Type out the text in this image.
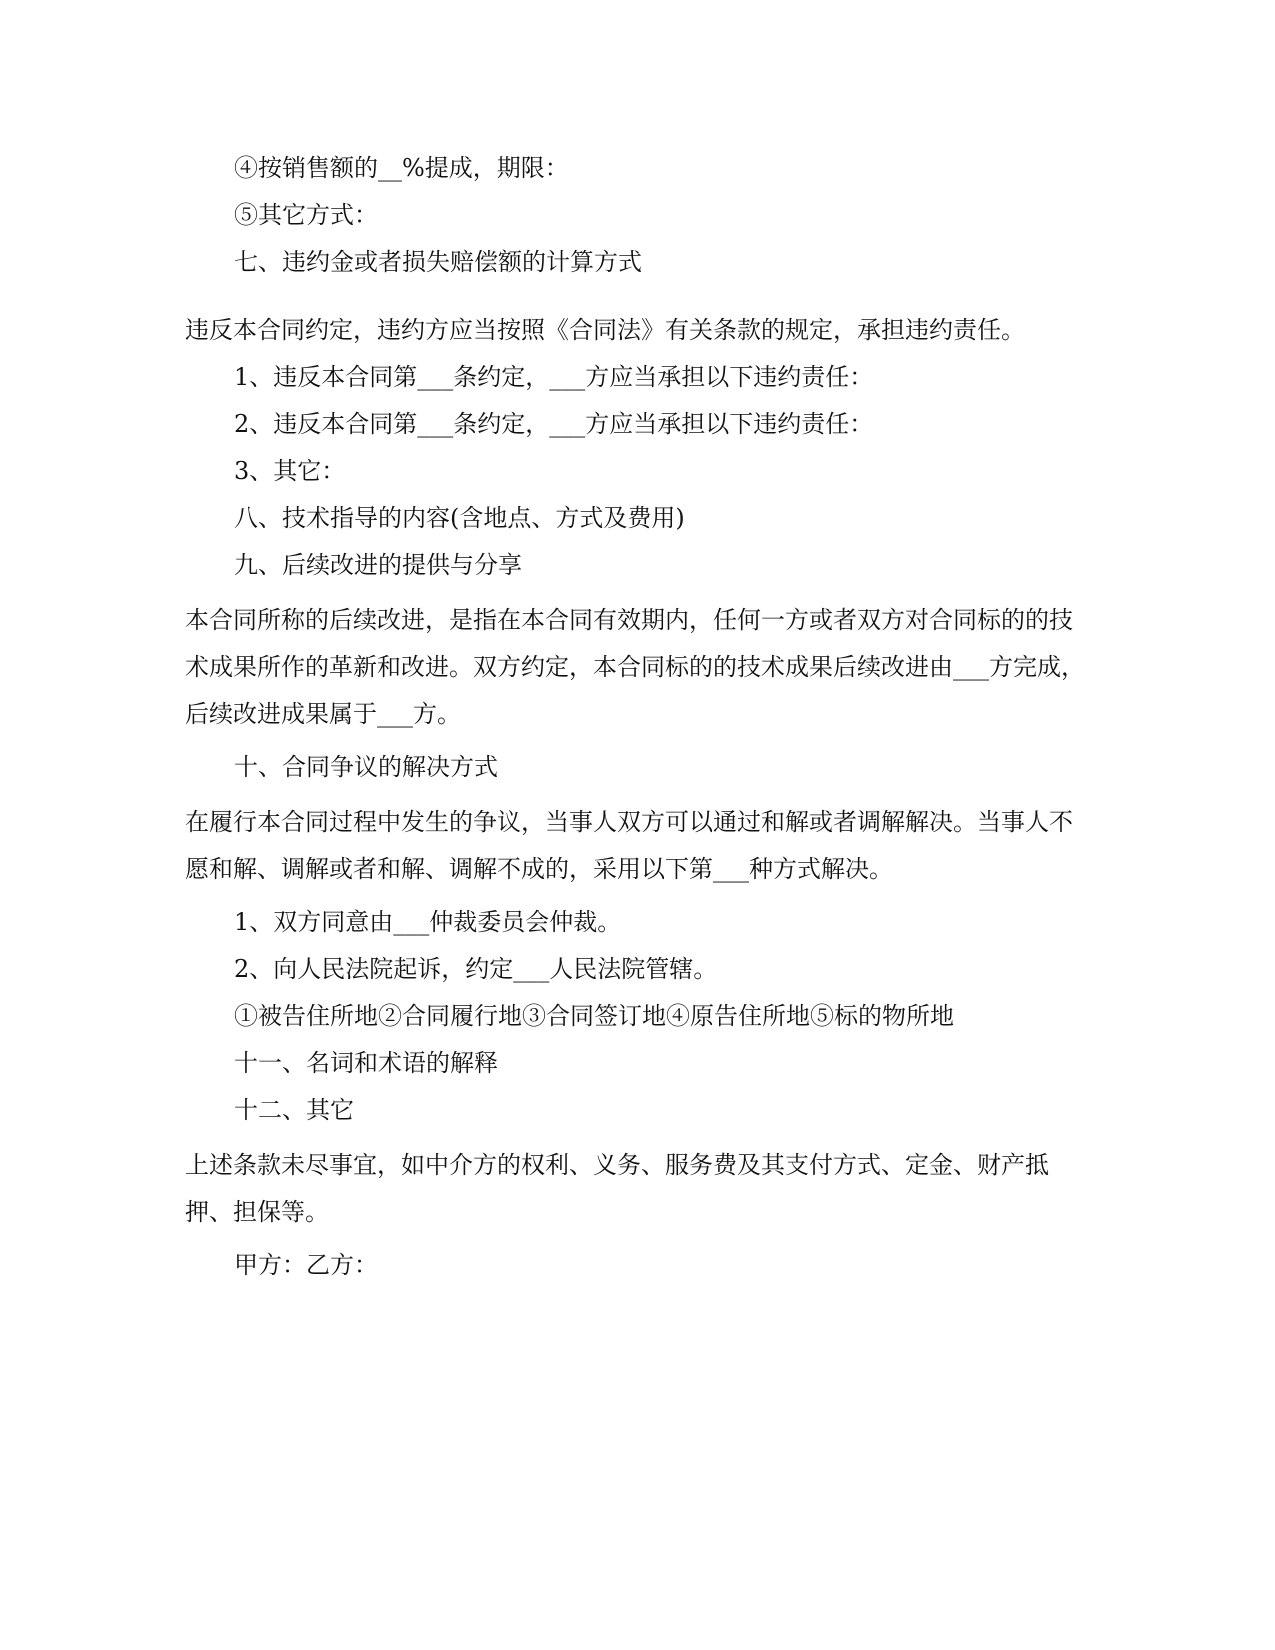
④按销售额的__%提成，期限：
⑤其它方式：
七、违约金或者损失赔偿额的计算方式
违反本合同约定，违约方应当按照《合同法》有关条款的规定，承担违约责任。
1、违反本合同第___条约定，___方应当承担以下违约责任：
2、违反本合同第___条约定，___方应当承担以下违约责任：
3、其它：
八、技术指导的内容(含地点、方式及费用)
九、后续改进的提供与分享
本合同所称的后续改进，是指在本合同有效期内，任何一方或者双方对合同标的的技术成果所作的革新和改进。双方约定，本合同标的的技术成果后续改进由___方完成，后续改进成果属于___方。
十、合同争议的解决方式
在履行本合同过程中发生的争议，当事人双方可以通过和解或者调解解决。当事人不愿和解、调解或者和解、调解不成的，采用以下第___种方式解决。
1、双方同意由___仲裁委员会仲裁。
2、向人民法院起诉，约定___人民法院管辖。
①被告住所地②合同履行地③合同签订地④原告住所地⑤标的物所地
十一、名词和术语的解释
十二、其它
上述条款未尽事宜，如中介方的权利、义务、服务费及其支付方式、定金、财产抵押、担保等。
甲方：乙方：
